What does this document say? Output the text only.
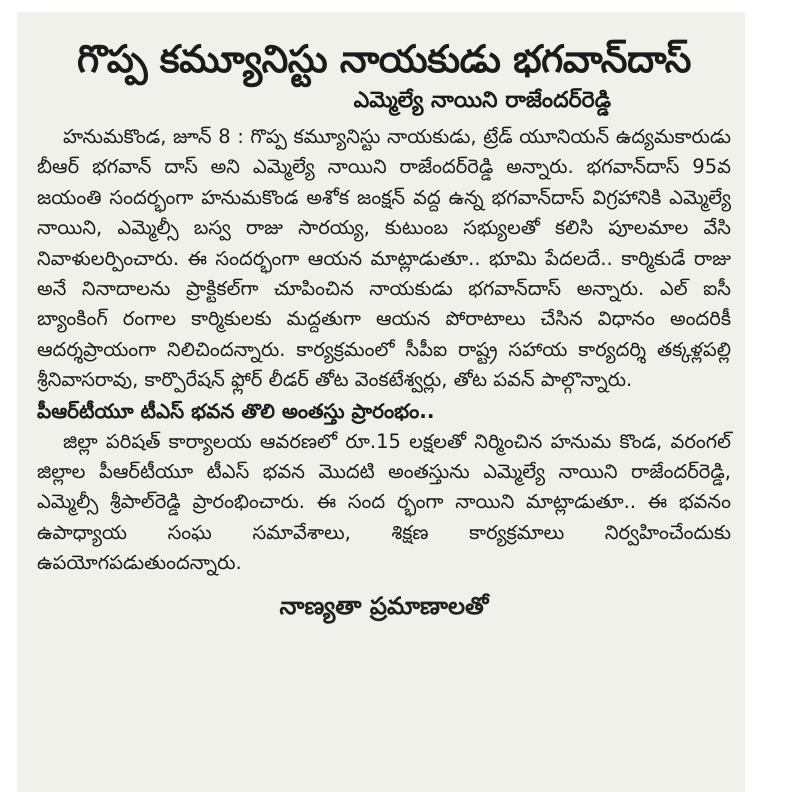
గొప్ప కమ్యూనిస్టు నాయకుడు భగవాన్‌దాస్
ఎమ్మెల్యే నాయిని రాజేందర్‌రెడ్డి

హనుమకొండ, జూన్ 8 : గొప్ప కమ్యూనిస్టు నాయకుడు, ట్రేడ్ యూనియన్ ఉద్యమకారుడు బీఆర్ భగవాన్ దాస్ అని ఎమ్మెల్యే నాయిని రాజేందర్‌రెడ్డి అన్నారు. భగవాన్‌దాస్ 95వ జయంతి సందర్భంగా హనుమకొండ అశోక జంక్షన్ వద్ద ఉన్న భగవాన్‌దాస్ విగ్రహానికి ఎమ్మెల్యే నాయిని, ఎమ్మెల్సీ బస్వ రాజు సారయ్య, కుటుంబ సభ్యులతో కలిసి పూలమాల వేసి నివాళులర్పించారు. ఈ సందర్భంగా ఆయన మాట్లాడుతూ.. భూమి పేదలదే.. కార్మికుడే రాజు అనే నినాదాలను ప్రాక్టికల్‌గా చూపించిన నాయకుడు భగవాన్‌దాస్ అన్నారు. ఎల్ ఐసీ బ్యాంకింగ్ రంగాల కార్మికులకు మద్దతుగా ఆయన పోరాటాలు చేసిన విధానం అందరికీ ఆదర్శప్రాయంగా నిలిచిందన్నారు. కార్యక్రమంలో సీపీఐ రాష్ట్ర సహాయ కార్యదర్శి తక్కళ్లపల్లి శ్రీనివాసరావు, కార్పొరేషన్ ఫ్లోర్ లీడర్ తోట వెంకటేశ్వర్లు, తోట పవన్ పాల్గొన్నారు.

పీఆర్‌టీయూ టీఎస్ భవన తొలి అంతస్తు ప్రారంభం..

జిల్లా పరిషత్ కార్యాలయ ఆవరణలో రూ.15 లక్షలతో నిర్మించిన హనుమ కొండ, వరంగల్ జిల్లాల పీఆర్‌టీయూ టీఎస్ భవన మొదటి అంతస్తును ఎమ్మెల్యే నాయిని రాజేందర్‌రెడ్డి, ఎమ్మెల్సీ శ్రీపాల్‌రెడ్డి ప్రారంభించారు. ఈ సంద ర్భంగా నాయిని మాట్లాడుతూ.. ఈ భవనం ఉపాధ్యాయ సంఘ సమావేశాలు, శిక్షణ కార్యక్రమాలు నిర్వహించేందుకు ఉపయోగపడుతుందన్నారు.

నాణ్యతా ప్రమాణాలతో
